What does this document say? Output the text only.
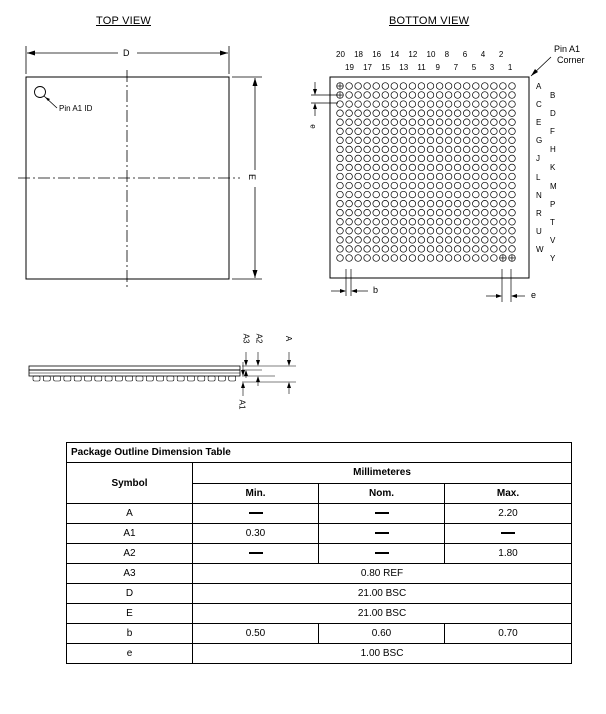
TOP VIEW
D
E
Pin A1 ID
BOTTOM VIEW
Pin A1
Corner
e
b	e
20 18 16 14 12 10 8 6 4 2
19 17 15 13 11 9 7 5 3 1
A
C
E
G
J
L
N
R
U
W
B
D
F
H
K
M
P
T
V
Y
A3 A2	A
A1
Package Outline Dimension Table			
Symbol	Millimeteres		
	Min.	Nom.	Max.
A			2.20
A1	0.30		
A2			1.80
A3	0.80 REF		
D	21.00 BSC		
E	21.00 BSC		
b	0.50	0.60	0.70
e	1.00 BSC		
